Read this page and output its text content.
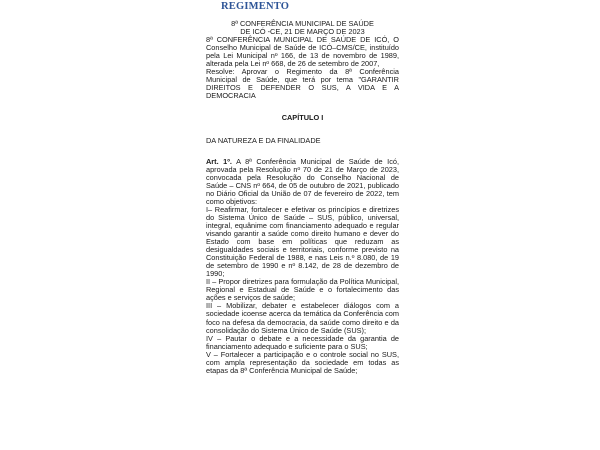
REGIMENTO

8ª CONFERÊNCIA MUNICIPAL DE SAÚDE

DE ICÓ -CE, 21 DE MARÇO DE 2023

8ª CONFERÊNCIA MUNICIPAL DE SAÚDE DE ICÓ, O Conselho Municipal de Saúde de ICÓ–CMS/CE, instituído pela Lei Municipal nº 166, de 13 de novembro de 1989, alterada pela Lei nº 668, de 26 de setembro de 2007,

Resolve: Aprovar o Regimento da 8ª Conferência Municipal de Saúde, que terá por tema "GARANTIR DIREITOS E DEFENDER O SUS, A VIDA E A DEMOCRACIA

CAPÍTULO I

DA NATUREZA E DA FINALIDADE

Art. 1º. A 8ª Conferência Municipal de Saúde de Icó, aprovada pela Resolução nº 70 de 21 de Março de 2023, convocada pela Resolução do Conselho Nacional de Saúde – CNS nº 664, de 05 de outubro de 2021, publicado no Diário Oficial da União de 07 de fevereiro de 2022, tem como objetivos:

I– Reafirmar, fortalecer e efetivar os princípios e diretrizes do Sistema Único de Saúde – SUS, público, universal, integral, equânime com financiamento adequado e regular visando garantir a saúde como direito humano e dever do Estado com base em políticas que reduzam as desigualdades sociais e territoriais, conforme previsto na Constituição Federal de 1988, e nas Leis n.º 8.080, de 19 de setembro de 1990 e nº 8.142, de 28 de dezembro de 1990;

II – Propor diretrizes para formulação da Política Municipal, Regional e Estadual de Saúde e o fortalecimento das ações e serviços de saúde;

III – Mobilizar, debater e estabelecer diálogos com a sociedade icoense acerca da temática da Conferência com foco na defesa da democracia, da saúde como direito e da consolidação do Sistema Único de Saúde (SUS);

IV – Pautar o debate e a necessidade da garantia de financiamento adequado e suficiente para o SUS;

V – Fortalecer a participação e o controle social no SUS, com ampla representação da sociedade em todas as etapas da 8ª Conferência Municipal de Saúde;
